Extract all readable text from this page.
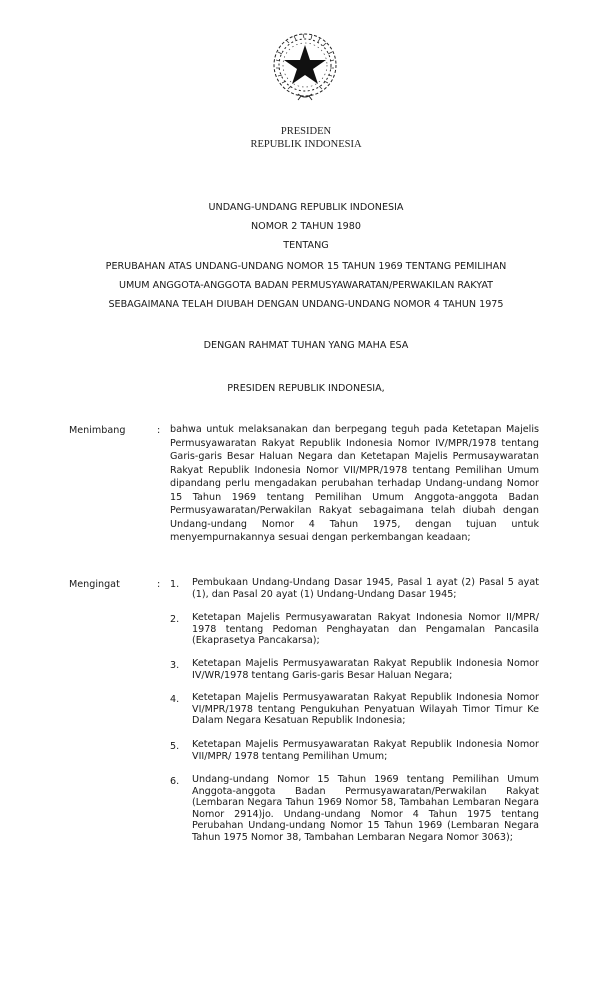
PRESIDEN
REPUBLIK INDONESIA
UNDANG-UNDANG REPUBLIK INDONESIA
NOMOR 2 TAHUN 1980
TENTANG
PERUBAHAN ATAS UNDANG-UNDANG NOMOR 15 TAHUN 1969 TENTANG PEMILIHAN
UMUM ANGGOTA-ANGGOTA BADAN PERMUSYAWARATAN/PERWAKILAN RAKYAT
SEBAGAIMANA TELAH DIUBAH DENGAN UNDANG-UNDANG NOMOR 4 TAHUN 1975
DENGAN RAHMAT TUHAN YANG MAHA ESA
PRESIDEN REPUBLIK INDONESIA,
Menimbang	: bahwa untuk melaksanakan dan berpegang teguh pada Ketetapan Majelis Permusyawaratan Rakyat Republik Indonesia Nomor IV/MPR/1978 tentang Garis-garis Besar Haluan Negara dan Ketetapan Majelis Permusaywaratan Rakyat Republik Indonesia Nomor VII/MPR/1978 tentang Pemilihan Umum dipandang perlu mengadakan perubahan terhadap Undang-undang Nomor 15 Tahun 1969 tentang Pemilihan Umum Anggota-anggota Badan Permusyawaratan/Perwakilan Rakyat sebagaimana telah diubah dengan Undang-undang Nomor 4 Tahun 1975, dengan tujuan untuk menyempurnakannya sesuai dengan perkembangan keadaan;
Mengingat	: 1. Pembukaan Undang-Undang Dasar 1945, Pasal 1 ayat (2) Pasal 5 ayat (1), dan Pasal 20 ayat (1) Undang-Undang Dasar 1945;
2. Ketetapan Majelis Permusyawaratan Rakyat Indonesia Nomor II/MPR/ 1978 tentang Pedoman Penghayatan dan Pengamalan Pancasila (Ekaprasetya Pancakarsa);
3. Ketetapan Majelis Permusyawaratan Rakyat Republik Indonesia Nomor IV/WR/1978 tentang Garis-garis Besar Haluan Negara;
4. Ketetapan Majelis Permusyawaratan Rakyat Republik Indonesia Nomor VI/MPR/1978 tentang Pengukuhan Penyatuan Wilayah Timor Timur Ke Dalam Negara Kesatuan Republik Indonesia;
5. Ketetapan Majelis Permusyawaratan Rakyat Republik Indonesia Nomor VII/MPR/ 1978 tentang Pemilihan Umum;
6. Undang-undang Nomor 15 Tahun 1969 tentang Pemilihan Umum Anggota-anggota Badan Permusyawaratan/Perwakilan Rakyat (Lembaran Negara Tahun 1969 Nomor 58, Tambahan Lembaran Negara Nomor 2914)jo. Undang-undang Nomor 4 Tahun 1975 tentang Perubahan Undang-undang Nomor 15 Tahun 1969 (Lembaran Negara Tahun 1975 Nomor 38, Tambahan Lembaran Negara Nomor 3063);
